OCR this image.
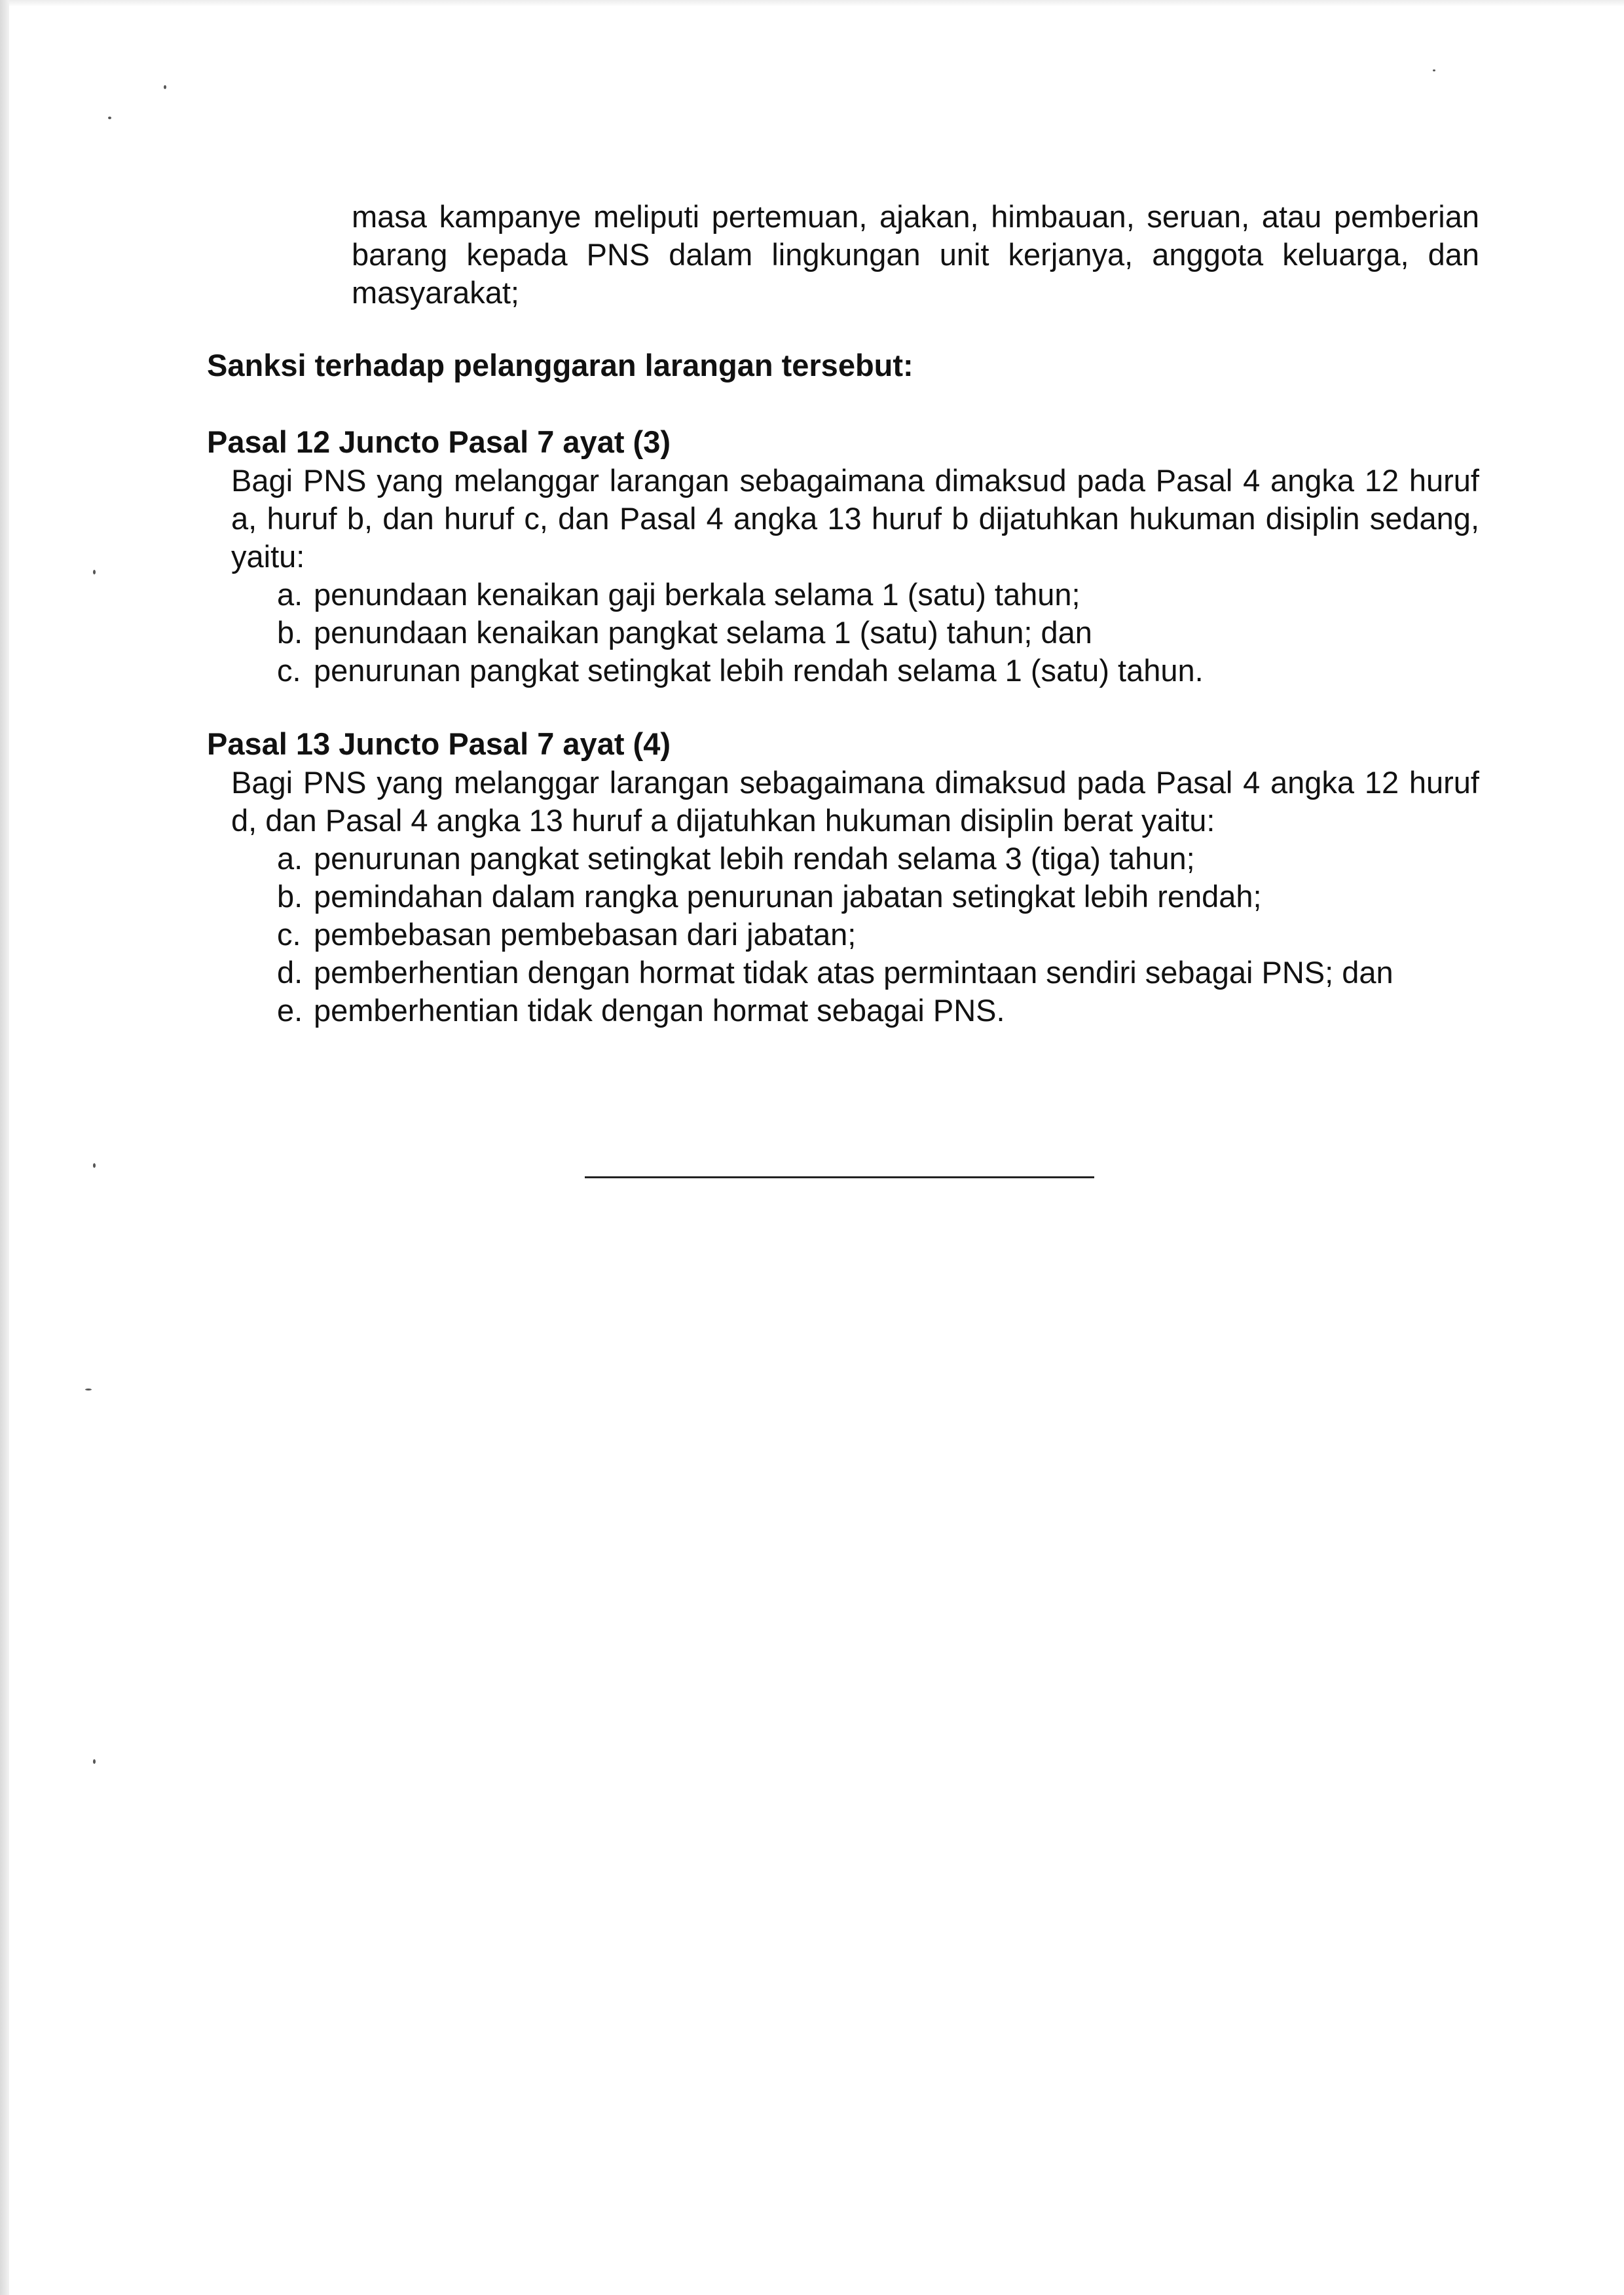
masa kampanye meliputi pertemuan, ajakan, himbauan, seruan, atau pemberian barang kepada PNS dalam lingkungan unit kerjanya, anggota keluarga, dan masyarakat;

Sanksi terhadap pelanggaran larangan tersebut:
Pasal 12 Juncto Pasal 7 ayat (3)

Bagi PNS yang melanggar larangan sebagaimana dimaksud pada Pasal 4 angka 12 huruf a, huruf b, dan huruf c, dan Pasal 4 angka 13 huruf b dijatuhkan hukuman disiplin sedang, yaitu:

a. penundaan kenaikan gaji berkala selama 1 (satu) tahun;
b. penundaan kenaikan pangkat selama 1 (satu) tahun; dan
c. penurunan pangkat setingkat lebih rendah selama 1 (satu) tahun.
Pasal 13 Juncto Pasal 7 ayat (4)

Bagi PNS yang melanggar larangan sebagaimana dimaksud pada Pasal 4 angka 12 huruf d, dan Pasal 4 angka 13 huruf a dijatuhkan hukuman disiplin berat yaitu:

a. penurunan pangkat setingkat lebih rendah selama 3 (tiga) tahun;
b. pemindahan dalam rangka penurunan jabatan setingkat lebih rendah;
c. pembebasan pembebasan dari jabatan;
d. pemberhentian dengan hormat tidak atas permintaan sendiri sebagai PNS; dan
e. pemberhentian tidak dengan hormat sebagai PNS.
